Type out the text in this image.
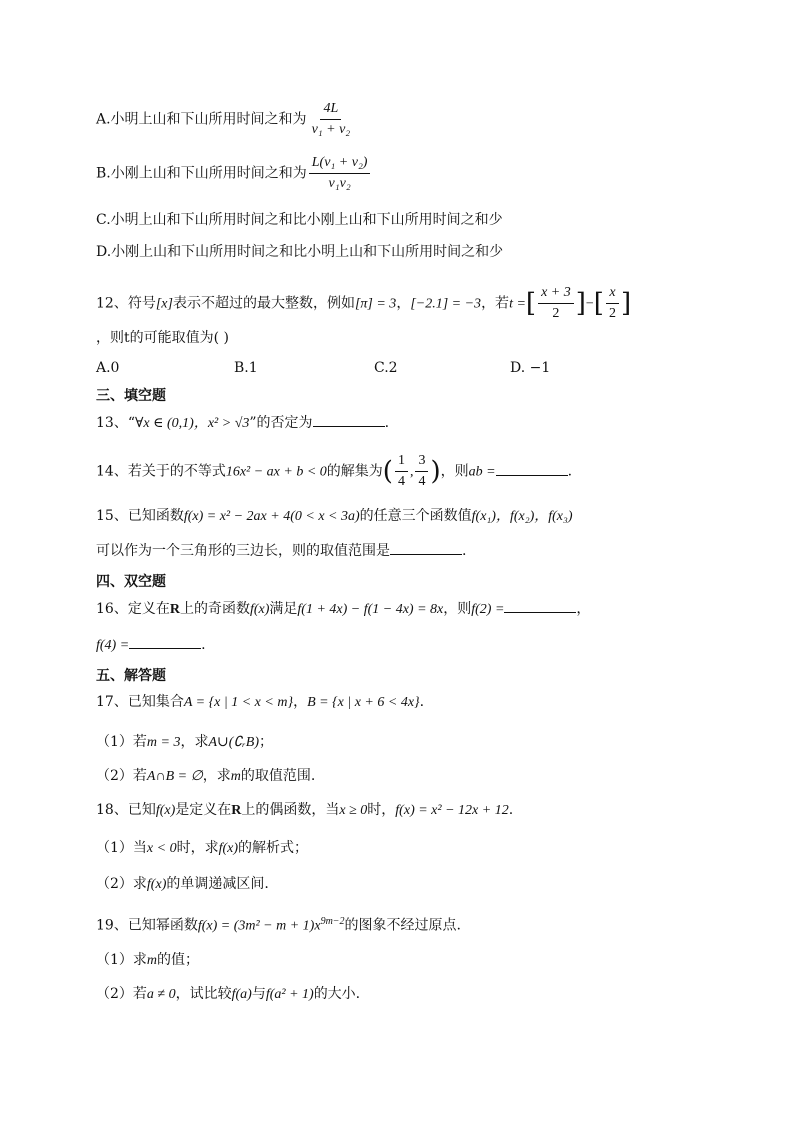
A.小明上山和下山所用时间之和为 $\frac{4L}{\text{v₁ + v₂}}$
B.小刚上山和下山所用时间之和为 $\frac{\text{L(v₁ + v₂)}}{\text{v₁v₂}}$
C.小明上山和下山所用时间之和比小刚上山和下山所用时间之和少
D.小刚上山和下山所用时间之和比小明上山和下山所用时间之和少
12、符号[x]表示不超过的最大整数，例如[π] = 3，[−2.1] = −3，若t =[ $\frac{x + 3}{2}$ ]−[ $\frac{x}{2}$ ]
，则t的可能取值为( )
A.0	B.1	C.2	D. −1
三、填空题
13、“∀x ∈ (0,1)，x² > √3”的否定为	.
14、若关于的不等式16x² − ax + b < 0的解集为( $\frac{1}{4}$ , $\frac{3}{4}$ )，则ab =	.
15、已知函数f(x) = x² − 2ax + 4(0 < x < 3a)的任意三个函数值f(x₁)，f(x₂)，f(x₃)
可以作为一个三角形的三边长，则的取值范围是	.
四、双空题
16、定义在R上的奇函数f(x)满足f(1 + 4x) − f(1 − 4x) = 8x，则f(2) =	，
f(4) =	.
五、解答题
17、已知集合A = {x | 1 < x < m}，B = {x | x + 6 < 4x}.
（1）若m = 3，求A∪(∁ᵣB)；
（2）若A∩B = ∅，求m的取值范围.
18、已知f(x)是定义在R上的偶函数，当x ≥ 0时，f(x) = x² − 12x + 12.
（1）当x < 0时，求f(x)的解析式；
（2）求f(x)的单调递减区间.
19、已知幂函数$f(x) = (3m^2 - m + 1)x^{9m-2}$的图象不经过原点.
（1）求m的值；
（2）若a ≠ 0，试比较f(a)与f(a² + 1)的大小.
